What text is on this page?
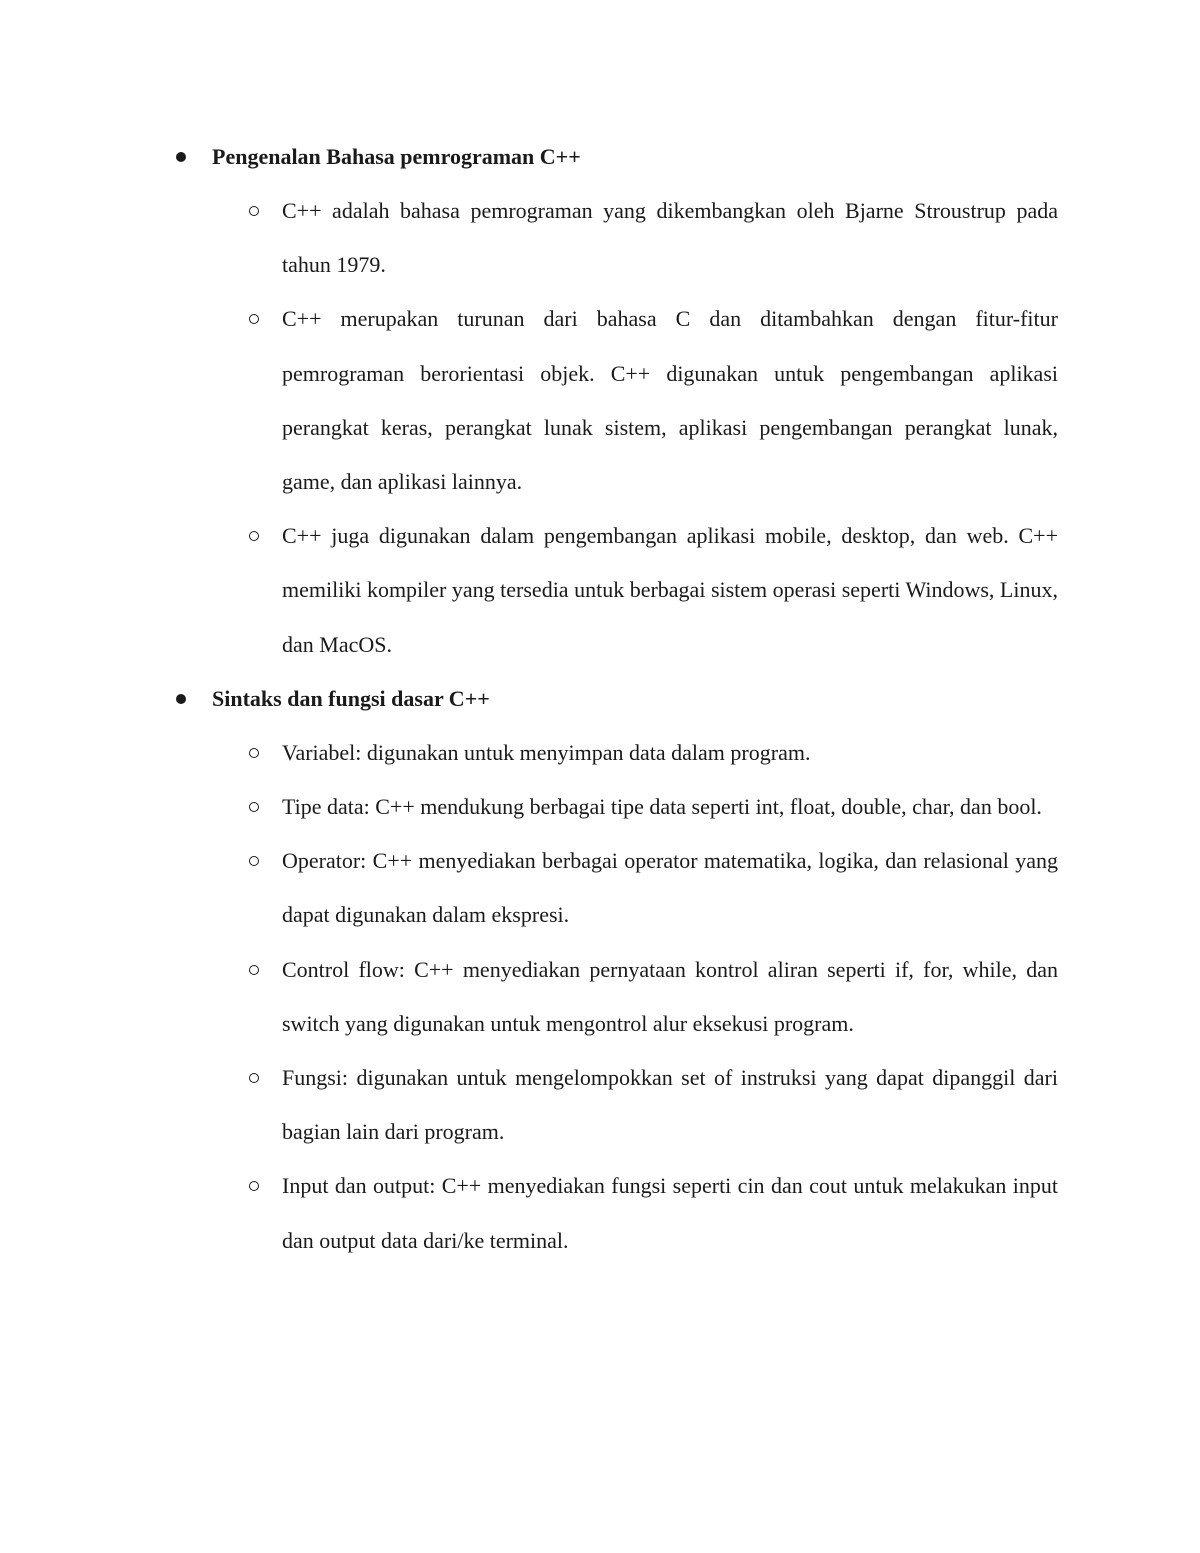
Pengenalan Bahasa pemrograman C++
C++ adalah bahasa pemrograman yang dikembangkan oleh Bjarne Stroustrup pada tahun 1979.
C++ merupakan turunan dari bahasa C dan ditambahkan dengan fitur-fitur pemrograman berorientasi objek. C++ digunakan untuk pengembangan aplikasi perangkat keras, perangkat lunak sistem, aplikasi pengembangan perangkat lunak, game, dan aplikasi lainnya.
C++ juga digunakan dalam pengembangan aplikasi mobile, desktop, dan web. C++ memiliki kompiler yang tersedia untuk berbagai sistem operasi seperti Windows, Linux, dan MacOS.
Sintaks dan fungsi dasar C++
Variabel: digunakan untuk menyimpan data dalam program.
Tipe data: C++ mendukung berbagai tipe data seperti int, float, double, char, dan bool.
Operator: C++ menyediakan berbagai operator matematika, logika, dan relasional yang dapat digunakan dalam ekspresi.
Control flow: C++ menyediakan pernyataan kontrol aliran seperti if, for, while, dan switch yang digunakan untuk mengontrol alur eksekusi program.
Fungsi: digunakan untuk mengelompokkan set of instruksi yang dapat dipanggil dari bagian lain dari program.
Input dan output: C++ menyediakan fungsi seperti cin dan cout untuk melakukan input dan output data dari/ke terminal.
